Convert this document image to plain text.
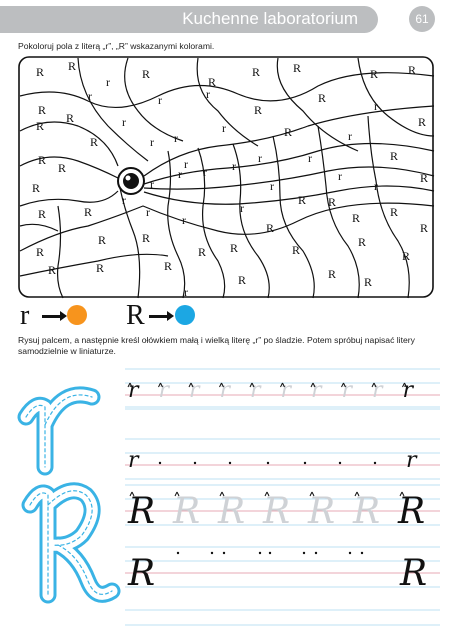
Kuchenne laboratorium	61
Pokoloruj pola z literą „r”, „R” wskazanymi kolorami.
R R
r
R
R
R	R	R R
R
r	r	r
R
R
r
R
R
R	r
r
r	R	r
R
R
R	r
r	r
r	r
r
r
R
R
R
r
r r
r
R
R
R	R
r
r
r
r
R
R
R
R
R
R
R
R R	R
R
R
R	R
R
r
R	R
R
r	R
Rysuj palcem, a następnie kreśl ołówkiem małą i wielką literę „r” po śladzie. Potem spróbuj napisać litery samodzielnie w liniaturze.
r r r r r r r r r r
r	r
R R R R R R R
R	R
